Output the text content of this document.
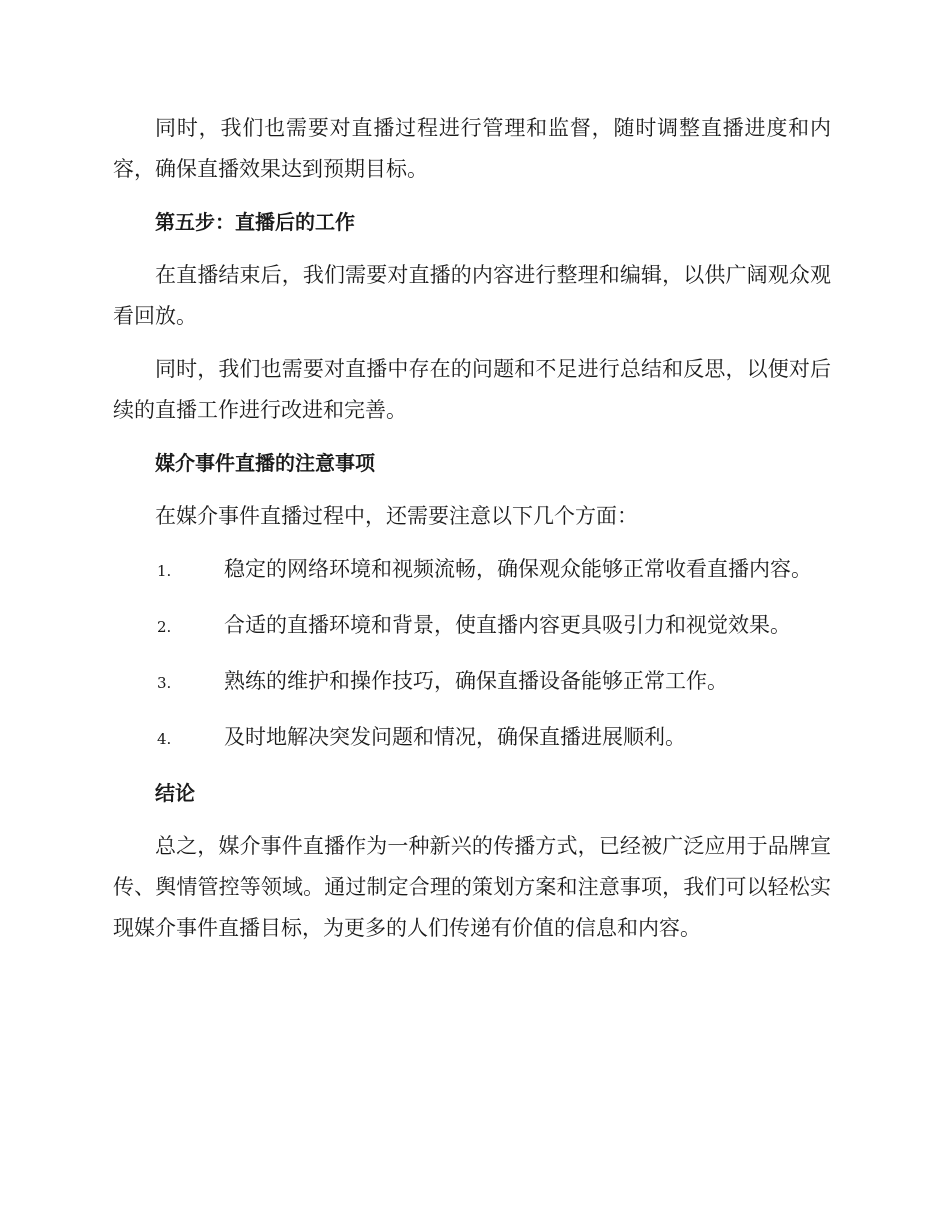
同时，我们也需要对直播过程进行管理和监督，随时调整直播进度和内容，确保直播效果达到预期目标。

第五步：直播后的工作

在直播结束后，我们需要对直播的内容进行整理和编辑，以供广阔观众观看回放。

同时，我们也需要对直播中存在的问题和不足进行总结和反思，以便对后续的直播工作进行改进和完善。

媒介事件直播的注意事项

在媒介事件直播过程中，还需要注意以下几个方面：

1.	稳定的网络环境和视频流畅，确保观众能够正常收看直播内容。
2.	合适的直播环境和背景，使直播内容更具吸引力和视觉效果。
3.	熟练的维护和操作技巧，确保直播设备能够正常工作。
4.	及时地解决突发问题和情况，确保直播进展顺利。
结论

总之，媒介事件直播作为一种新兴的传播方式，已经被广泛应用于品牌宣传、舆情管控等领域。通过制定合理的策划方案和注意事项，我们可以轻松实现媒介事件直播目标，为更多的人们传递有价值的信息和内容。
